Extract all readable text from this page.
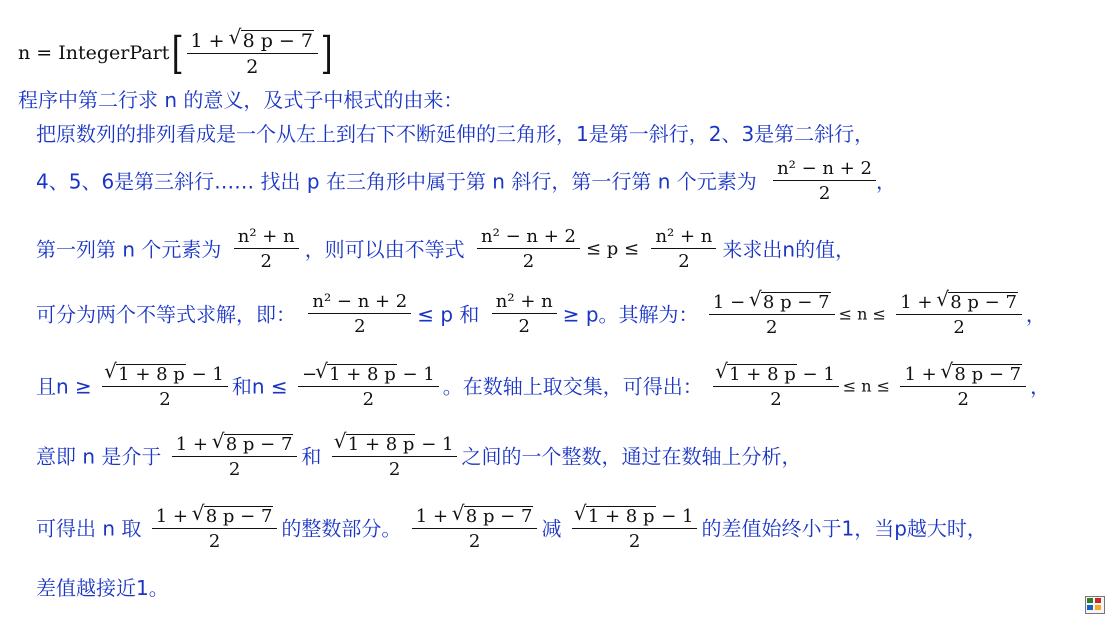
n = IntegerPart[ $\frac{1 + √ 8 p - 7}{2}$ ]
程序中第二行求 n 的意义，及式子中根式的由来：
把原数列的排列看成是一个从左上到右下不断延伸的三角形，1是第一斜行，2、3是第二斜行，
4、5、6是第三斜行…… 找出 p 在三角形中属于第 n 斜行，第一行第 n 个元素为 $\frac{\text{n² − n + 2}}{2}$ ，
第一列第 n 个元素为 $\frac{\text{n² + n}}{2}$ ，则可以由不等式 $\frac{\text{n² − n + 2}}{2} \le p \le \frac{\text{n² + n}}{2}$ 来求出n的值，
可分为两个不等式求解，即： $\frac{\text{n² − n + 2}}{2} \le p$ 和 $\frac{\text{n² + n}}{2} \ge p$。其解为： $\frac{1 - √ 8 p - 7}{2} \le n \le \frac{1 + √ 8 p - 7}{2}$ ，
且n ≥ √ $\frac{1 + 8 p - 1}{2}$ 和$n \le \frac{- √ 1 + 8 p - 1}{2}$ 。在数轴上取交集，可得出： √ $\frac{1 + 8 p - 1}{2} \le n \le \frac{1 + √ 8 p - 7}{2}$ ，
意即 n 是介于 $\frac{1 + √ 8 p - 7}{2}$ 和 √ $\frac{1 + 8 p - 1}{2}$ 之间的一个整数，通过在数轴上分析，
可得出 n 取 $\frac{1 + √ 8 p - 7}{2}$ 的整数部分。 $\frac{1 + √ 8 p - 7}{2}$ 减 √ $\frac{1 + 8 p - 1}{2}$ 的差值始终小于1，当p越大时，
差值越接近1。
